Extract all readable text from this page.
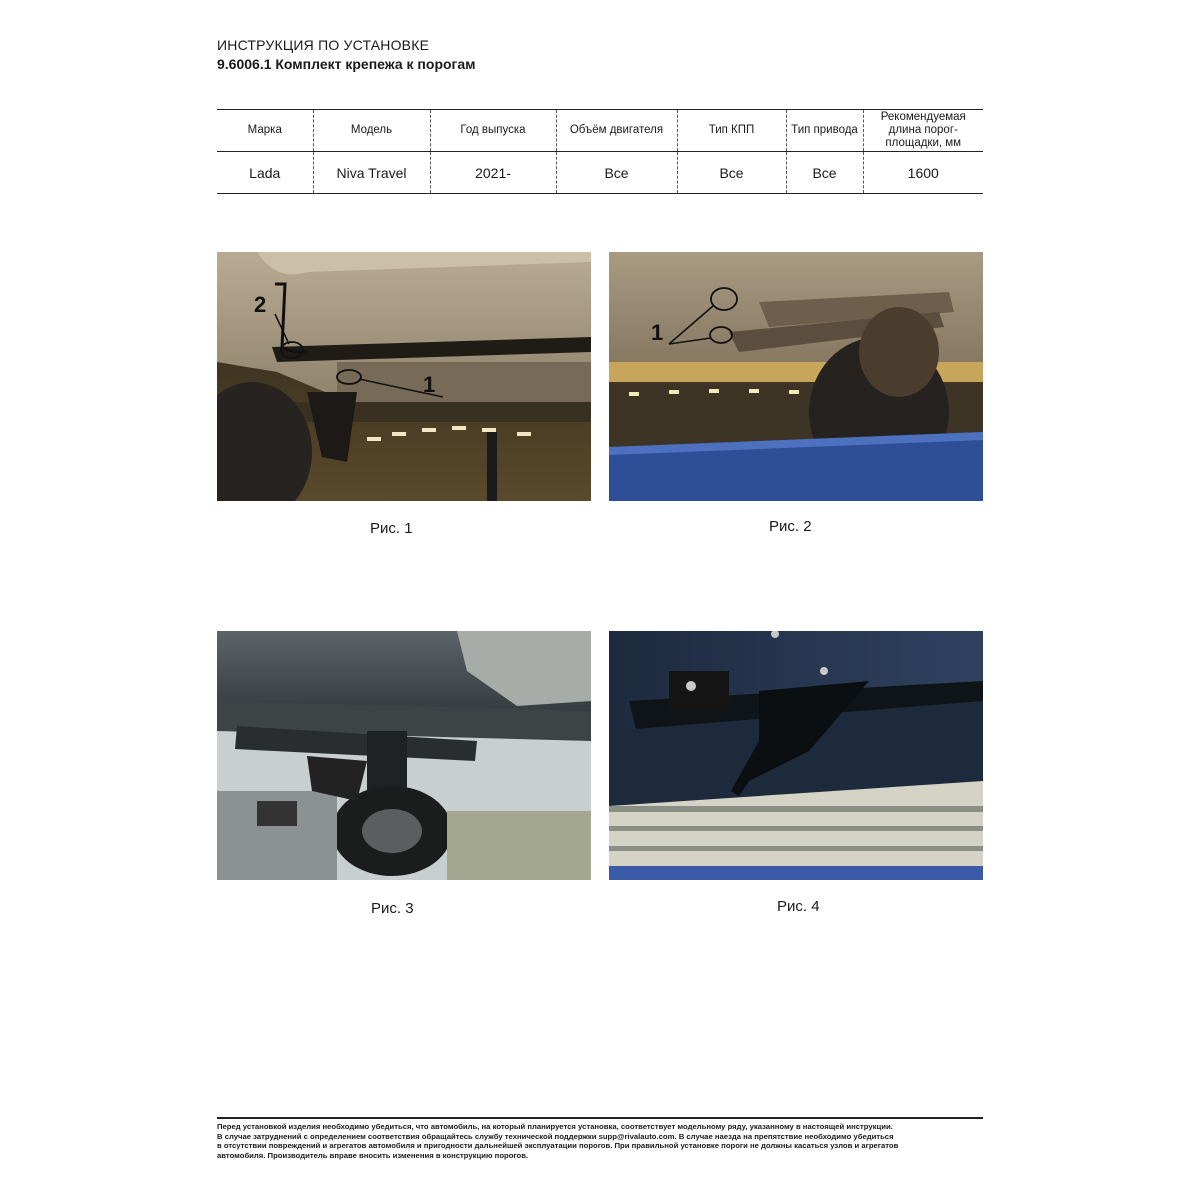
ИНСТРУКЦИЯ ПО УСТАНОВКЕ
9.6006.1 Комплект крепежа к порогам
Марка	Модель	Год выпуска	Объём двигателя	Тип КПП	Тип привода	Рекомендуемая длина порог-площадки, мм
Lada	Niva Travel	2021-	Все	Все	Все	1600
2
1
Рис. 1
1
Рис. 2
Рис. 3	Рис. 4

Перед установкой изделия необходимо убедиться, что автомобиль, на который планируется установка, соответствует модельному ряду, указанному в настоящей инструкции.

В случае затруднений с определением соответствия обращайтесь службу технической поддержки supp@rivalauto.com. В случае наезда на препятствие необходимо убедиться

в отсутствии повреждений и агрегатов автомобиля и пригодности дальнейшей эксплуатации порогов. При правильной установке пороги не должны касаться узлов и агрегатов

автомобиля. Производитель вправе вносить изменения в конструкцию порогов.
